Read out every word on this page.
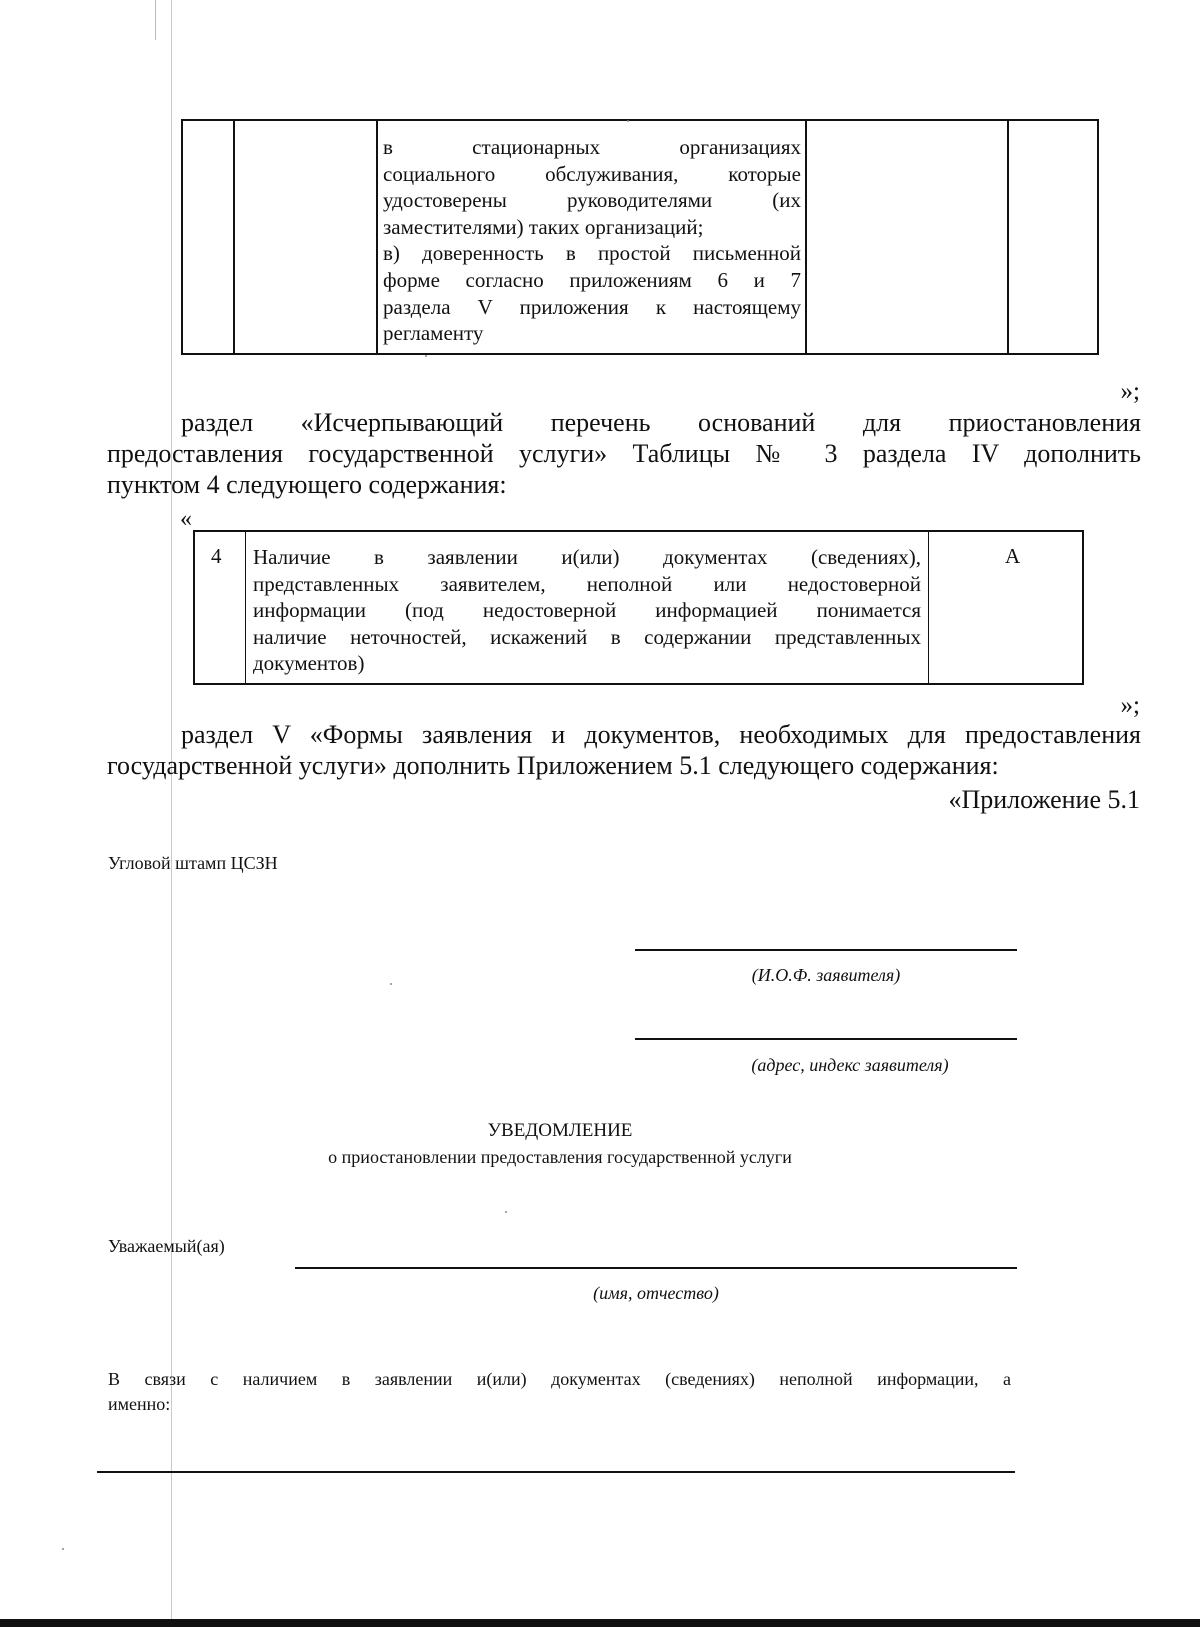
в стационарных организациях
социального обслуживания, которые
удостоверены руководителями (их
заместителями) таких организаций;
в) доверенность в простой письменной
форме согласно приложениям 6 и 7
раздела V приложения к настоящему
регламенту
»;
раздел «Исчерпывающий перечень оснований для приостановления
предоставления государственной услуги» Таблицы № 3 раздела IV дополнить
пунктом 4 следующего содержания:
«
4 Наличие в заявлении и(или) документах (сведениях),
представленных заявителем, неполной или недостоверной
информации (под недостоверной информацией понимается
наличие неточностей, искажений в содержании представленных
документов)
А
»;
раздел V «Формы заявления и документов, необходимых для предоставления
государственной услуги» дополнить Приложением 5.1 следующего содержания:
«Приложение 5.1
Угловой штамп ЦСЗН
(И.О.Ф. заявителя)
(адрес, индекс заявителя)
УВЕДОМЛЕНИЕ
о приостановлении предоставления государственной услуги
Уважаемый(ая)
(имя, отчество)
В связи с наличием в заявлении и(или) документах (сведениях) неполной информации, а
именно:
